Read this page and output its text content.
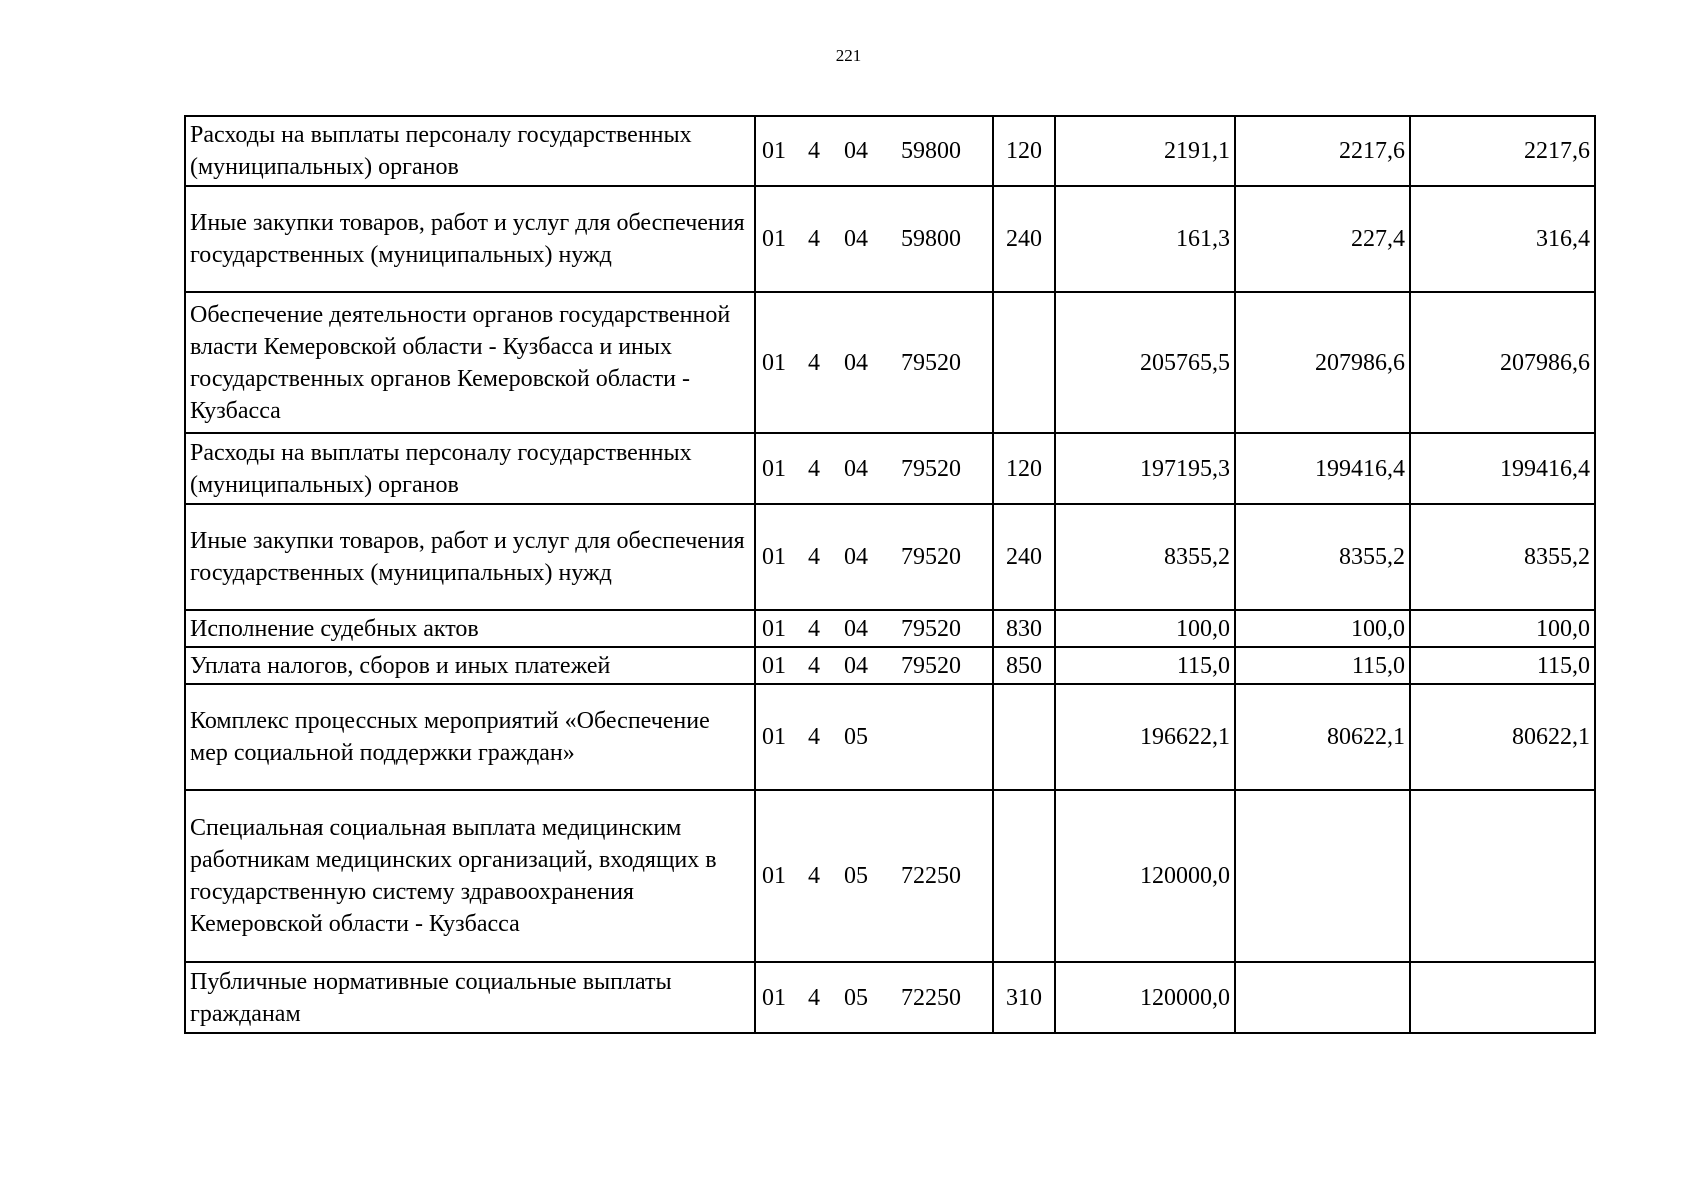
221
Расходы на выплаты персоналу государственных (муниципальных) органов	01 4 04 59800	120	2191,1	2217,6	2217,6
Иные закупки товаров, работ и услуг для обеспечения государственных (муниципальных) нужд	01 4 04 59800	240	161,3	227,4	316,4
Обеспечение деятельности органов государственной власти Кемеровской области - Кузбасса и иных государственных органов Кемеровской области - Кузбасса	01 4 04 79520		205765,5	207986,6	207986,6
Расходы на выплаты персоналу государственных (муниципальных) органов	01 4 04 79520	120	197195,3	199416,4	199416,4
Иные закупки товаров, работ и услуг для обеспечения государственных (муниципальных) нужд	01 4 04 79520	240	8355,2	8355,2	8355,2
Исполнение судебных актов	01 4 04 79520	830	100,0	100,0	100,0
Уплата налогов, сборов и иных платежей	01 4 04 79520	850	115,0	115,0	115,0
Комплекс процессных мероприятий «Обеспечение мер социальной поддержки граждан»	01 4 05		196622,1	80622,1	80622,1
Специальная социальная выплата медицинским работникам медицинских организаций, входящих в государственную систему здравоохранения Кемеровской области - Кузбасса	01 4 05 72250		120000,0		
Публичные нормативные социальные выплаты гражданам	01 4 05 72250	310	120000,0		
